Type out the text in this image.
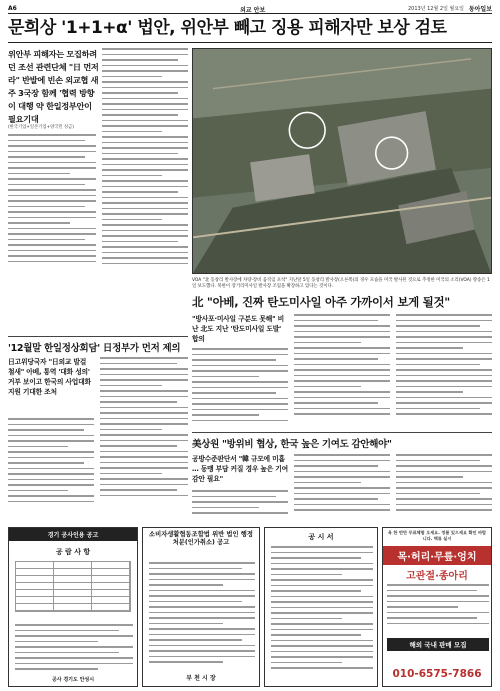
A6	외교 안보	2013년 12월 2일 월요일 동아일보
문희상 '1+1+α' 법안, 위안부 빼고 징용 피해자만 보상 검토
위안부 피해자는 모집하려던 조선 관련단체 "日 먼저라" 반발에 빈손 외교협 새주 3국장 함께 '협력 방향 이 대행 약 한일정부안이 필요기대
(한국기업+일본기업+양국민 성금)
VOA "北 동창리 발사장에 차량·장비 움직임 포착" 지난달 5일 동창리 발사장(오른쪽)의 경우 모습을 미국 발사된 것으로 추정한 미국의 소리(VOA) 방송은 1일 보도했다. 북한이 장거리미사일 발사장 조립을 확장하고 있다는 것이다.
北 "아베, 진짜 탄도미사일 아주 가까이서 보게 될것"
"방사포·미사일 구분도 못해" 비난 北도 지난 '탄도미사일 도발' 합의
'12월말 한일정상회담' 日정부가 먼저 제의
日고위당국자 "日외교 발걸 철새" 아베, 통역 '대화 성의' 거부 보이고 한국의 사업대화 지원 기대한 조처
美상원 "방위비 협상, 한국 높은 기여도 감안해야"
공방수준판단서 "韓 규모에 미흡 … 동맹 부담 커질 경우 높은 기여 감안 필요"
경기 공사인용 공고
공 람 사 항
공사 경기도 안성시
소비자생활협동조합법 위반 법인 행정처분(인가취소) 공고
부 천 시 장
공 시 서
육 한 번만 무료체험 오세요. 정품 있으세요 확인 바랍니다. 맥류 실시
목·허리·무릎·엉치
고관절·종아리
해외 국내 판매 모집
010-6575-7866
